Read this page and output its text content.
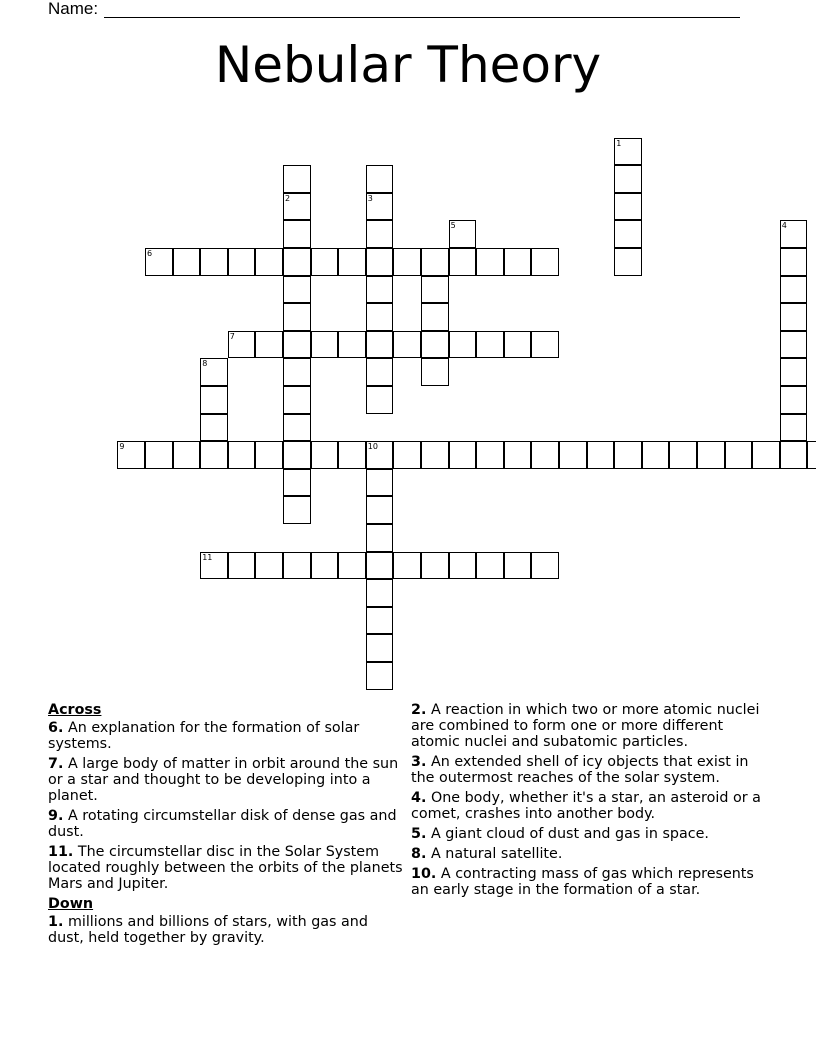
Name:
Nebular Theory
1
2	3
4
5
6
7
8
9	10
11
Across
6. An explanation for the formation of solar systems.
7. A large body of matter in orbit around the sun or a star and thought to be developing into a planet.
9. A rotating circumstellar disk of dense gas and dust.
11. The circumstellar disc in the Solar System located roughly between the orbits of the planets Mars and Jupiter.
Down
1. millions and billions of stars, with gas and dust, held together by gravity.
2. A reaction in which two or more atomic nuclei are combined to form one or more different atomic nuclei and subatomic particles.
3. An extended shell of icy objects that exist in the outermost reaches of the solar system.
4. One body, whether it's a star, an asteroid or a comet, crashes into another body.
5. A giant cloud of dust and gas in space.
8. A natural satellite.
10. A contracting mass of gas which represents an early stage in the formation of a star.
